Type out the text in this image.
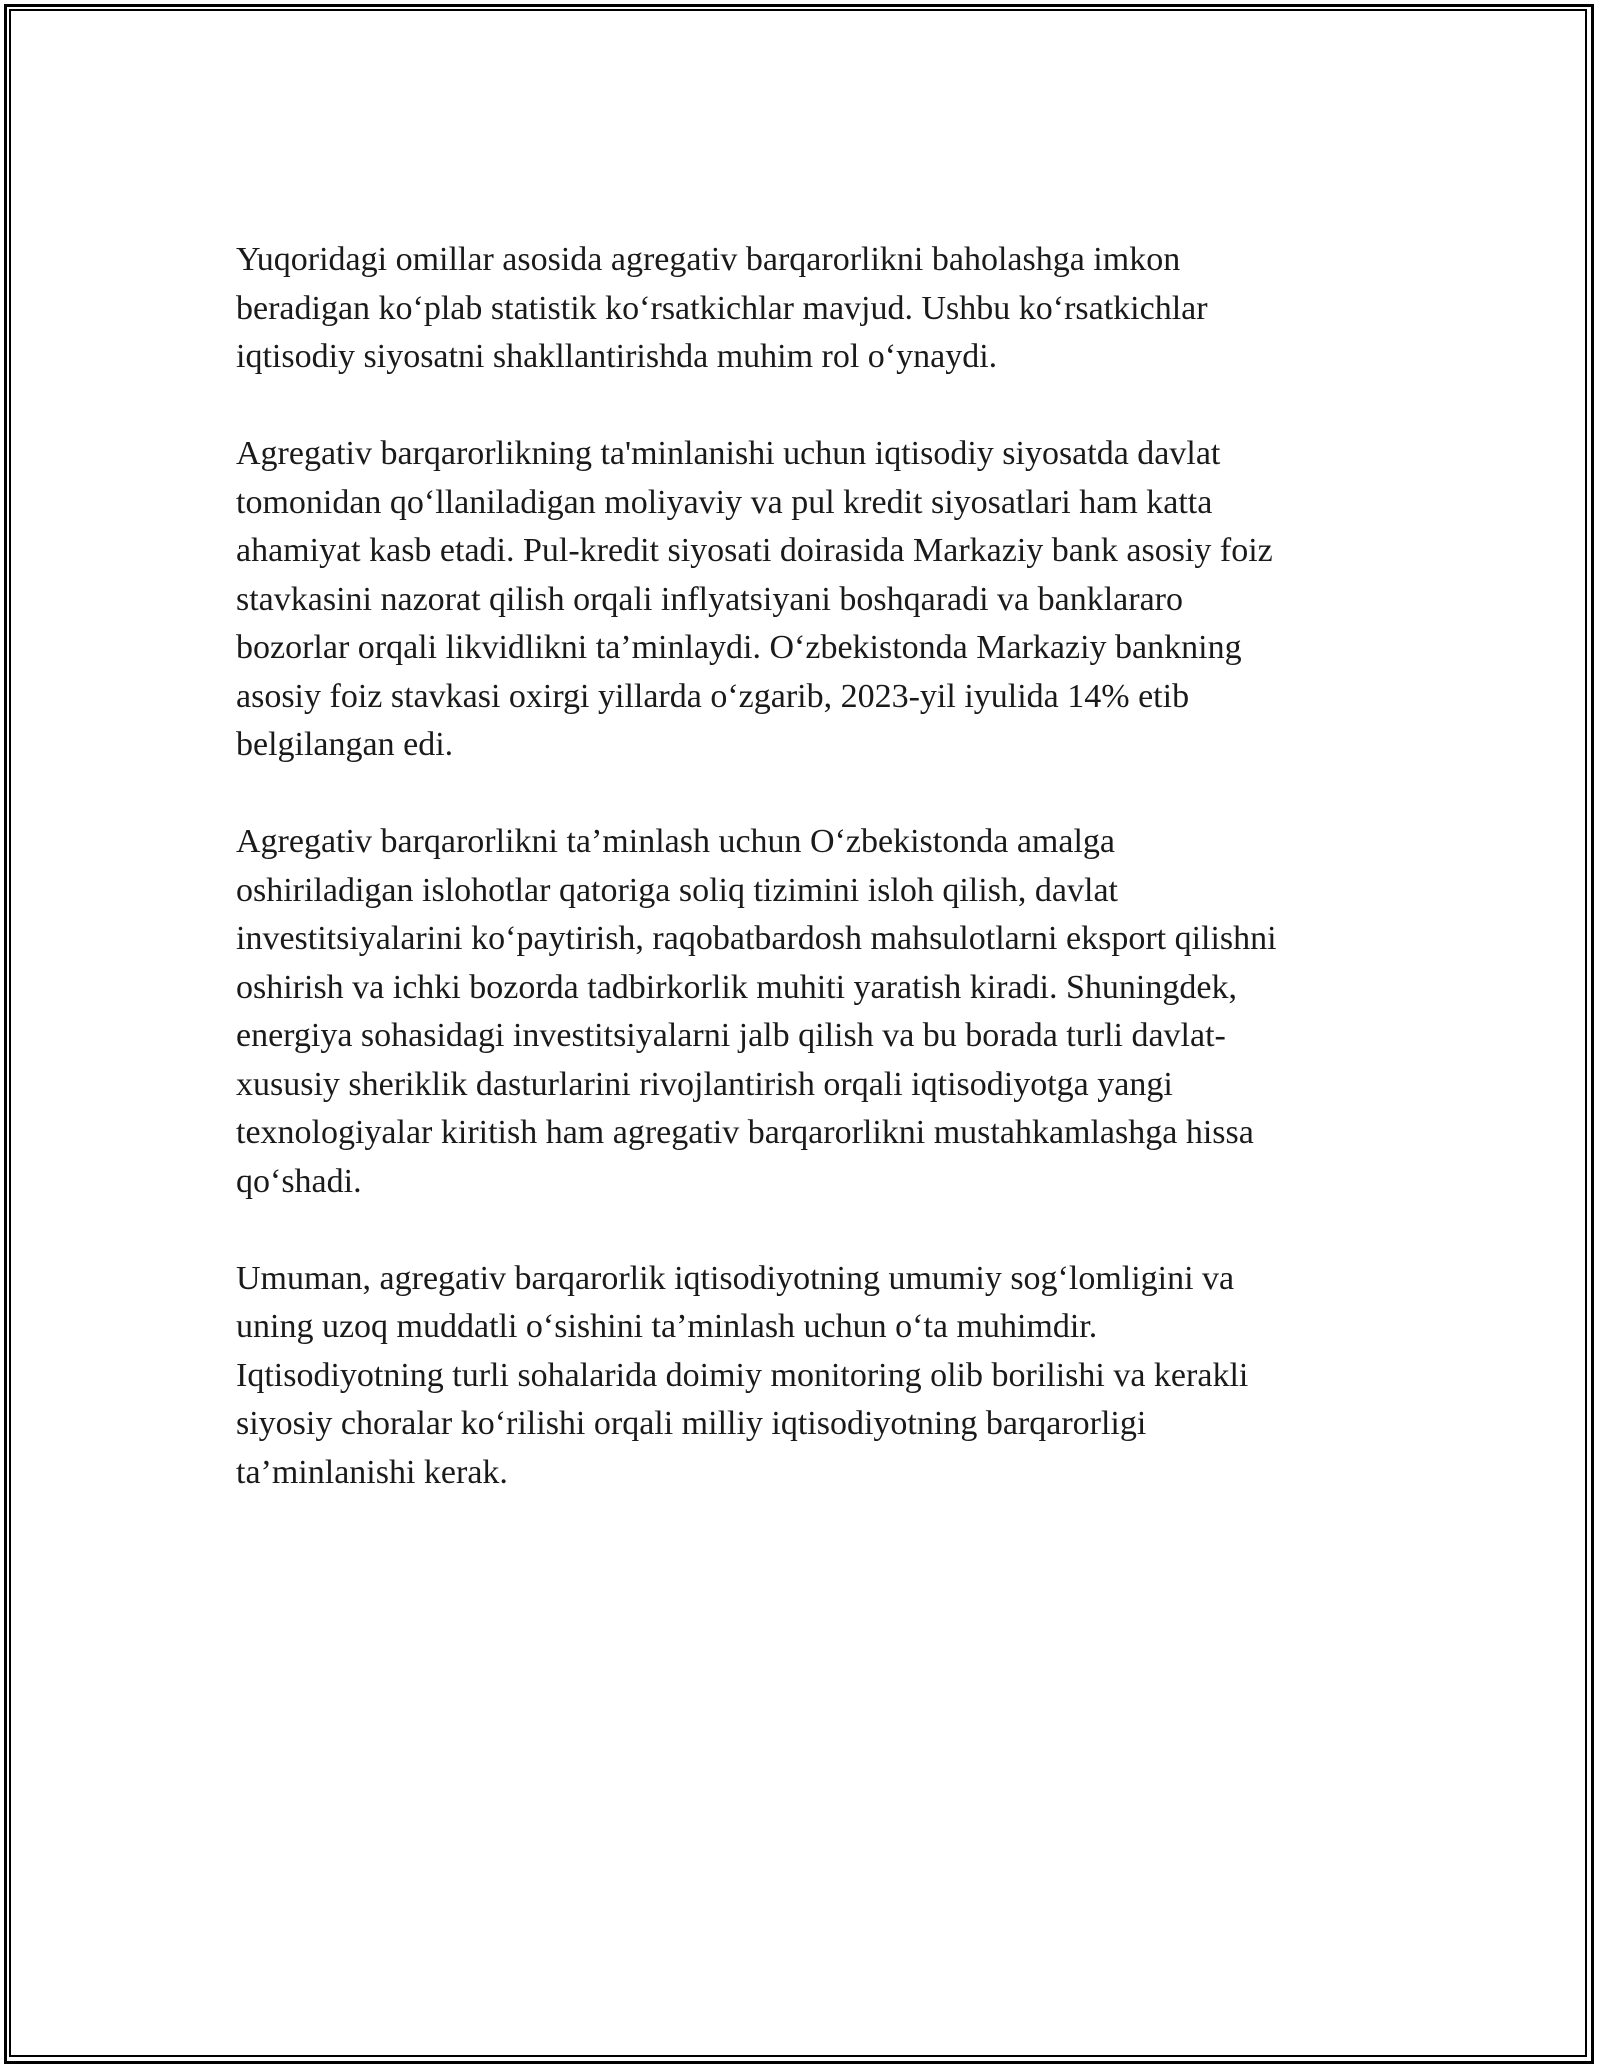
Yuqoridagi omillar asosida agregativ barqarorlikni baholashga imkon
beradigan ko‘plab statistik ko‘rsatkichlar mavjud. Ushbu ko‘rsatkichlar
iqtisodiy siyosatni shakllantirishda muhim rol o‘ynaydi.

Agregativ barqarorlikning ta'minlanishi uchun iqtisodiy siyosatda davlat
tomonidan qo‘llaniladigan moliyaviy va pul kredit siyosatlari ham katta
ahamiyat kasb etadi. Pul-kredit siyosati doirasida Markaziy bank asosiy foiz
stavkasini nazorat qilish orqali inflyatsiyani boshqaradi va banklararo
bozorlar orqali likvidlikni ta’minlaydi. O‘zbekistonda Markaziy bankning
asosiy foiz stavkasi oxirgi yillarda o‘zgarib, 2023-yil iyulida 14% etib
belgilangan edi.

Agregativ barqarorlikni ta’minlash uchun O‘zbekistonda amalga
oshiriladigan islohotlar qatoriga soliq tizimini isloh qilish, davlat
investitsiyalarini ko‘paytirish, raqobatbardosh mahsulotlarni eksport qilishni
oshirish va ichki bozorda tadbirkorlik muhiti yaratish kiradi. Shuningdek,
energiya sohasidagi investitsiyalarni jalb qilish va bu borada turli davlat-
xususiy sheriklik dasturlarini rivojlantirish orqali iqtisodiyotga yangi
texnologiyalar kiritish ham agregativ barqarorlikni mustahkamlashga hissa
qo‘shadi.

Umuman, agregativ barqarorlik iqtisodiyotning umumiy sog‘lomligini va
uning uzoq muddatli o‘sishini ta’minlash uchun o‘ta muhimdir.
Iqtisodiyotning turli sohalarida doimiy monitoring olib borilishi va kerakli
siyosiy choralar ko‘rilishi orqali milliy iqtisodiyotning barqarorligi
ta’minlanishi kerak.
